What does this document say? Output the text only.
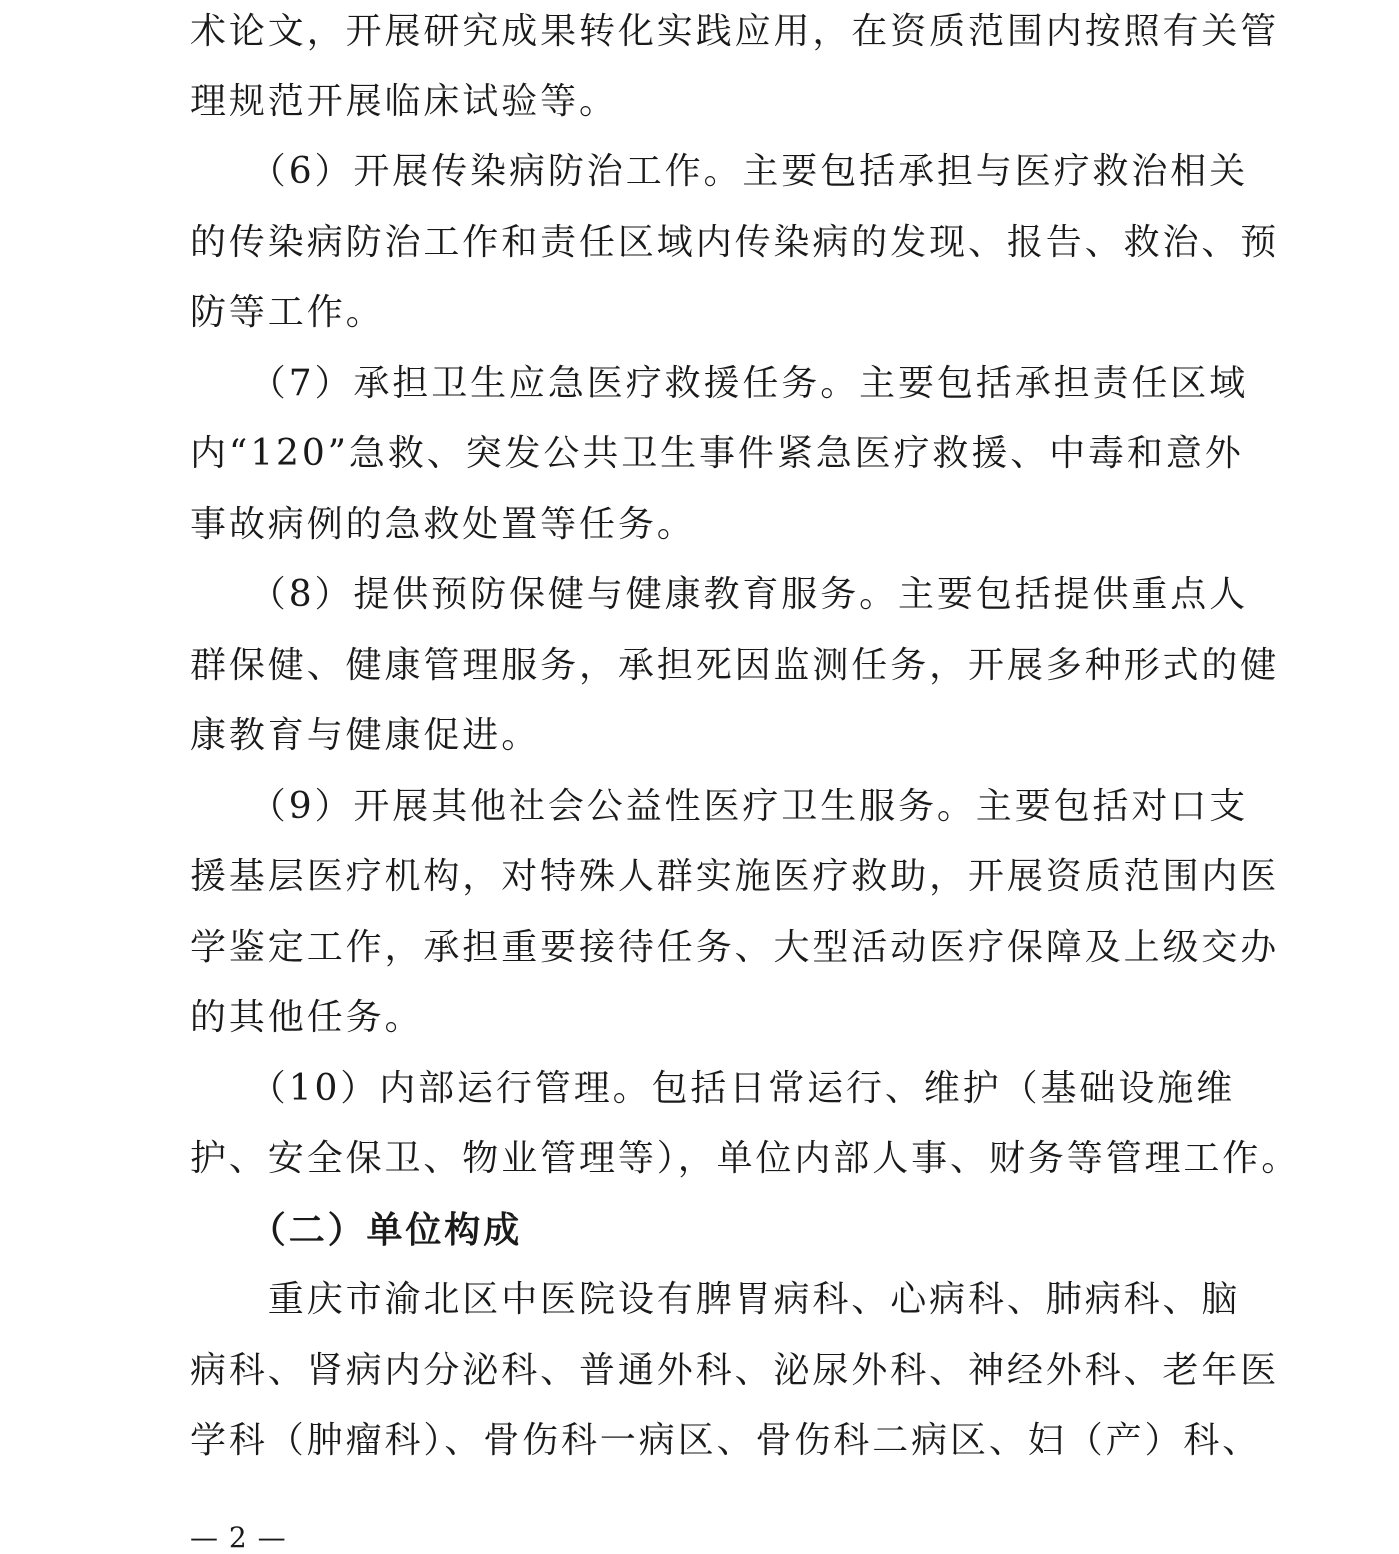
术论文，开展研究成果转化实践应用，在资质范围内按照有关管
理规范开展临床试验等。
　　（6）开展传染病防治工作。主要包括承担与医疗救治相关
的传染病防治工作和责任区域内传染病的发现、报告、救治、预
防等工作。
　　（7）承担卫生应急医疗救援任务。主要包括承担责任区域
内“120”急救、突发公共卫生事件紧急医疗救援、中毒和意外
事故病例的急救处置等任务。
　　（8）提供预防保健与健康教育服务。主要包括提供重点人
群保健、健康管理服务，承担死因监测任务，开展多种形式的健
康教育与健康促进。
　　（9）开展其他社会公益性医疗卫生服务。主要包括对口支
援基层医疗机构，对特殊人群实施医疗救助，开展资质范围内医
学鉴定工作，承担重要接待任务、大型活动医疗保障及上级交办
的其他任务。
　　（10）内部运行管理。包括日常运行、维护（基础设施维
护、安全保卫、物业管理等），单位内部人事、财务等管理工作。
　　（二）单位构成
　　重庆市渝北区中医院设有脾胃病科、心病科、肺病科、脑
病科、肾病内分泌科、普通外科、泌尿外科、神经外科、老年医
学科（肿瘤科）、骨伤科一病区、骨伤科二病区、妇（产）科、
— 2 —
